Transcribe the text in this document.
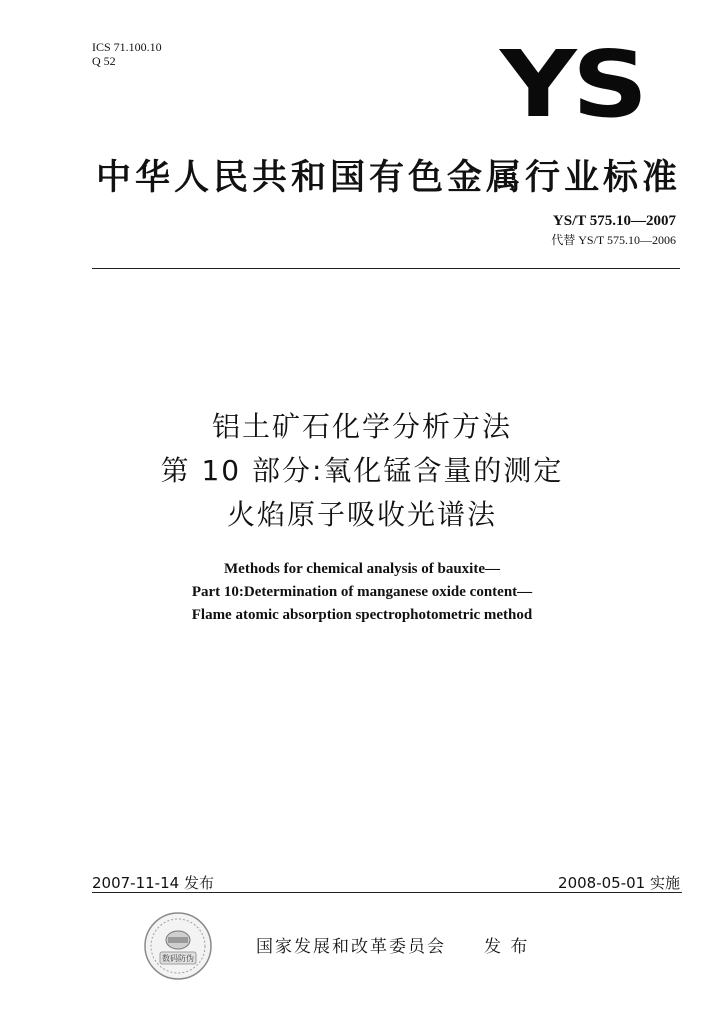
ICS 71.100.10
Q 52	YS
中华人民共和国有色金属行业标准
YS/T 575.10—2007
代替 YS/T 575.10—2006
铝土矿石化学分析方法
第 10 部分:氧化锰含量的测定
火焰原子吸收光谱法
Methods for chemical analysis of bauxite—
Part 10:Determination of manganese oxide content—
Flame atomic absorption spectrophotometric method
2007-11-14 发布	2008-05-01 实施
数码防伪
国家发展和改革委员会　　发 布
